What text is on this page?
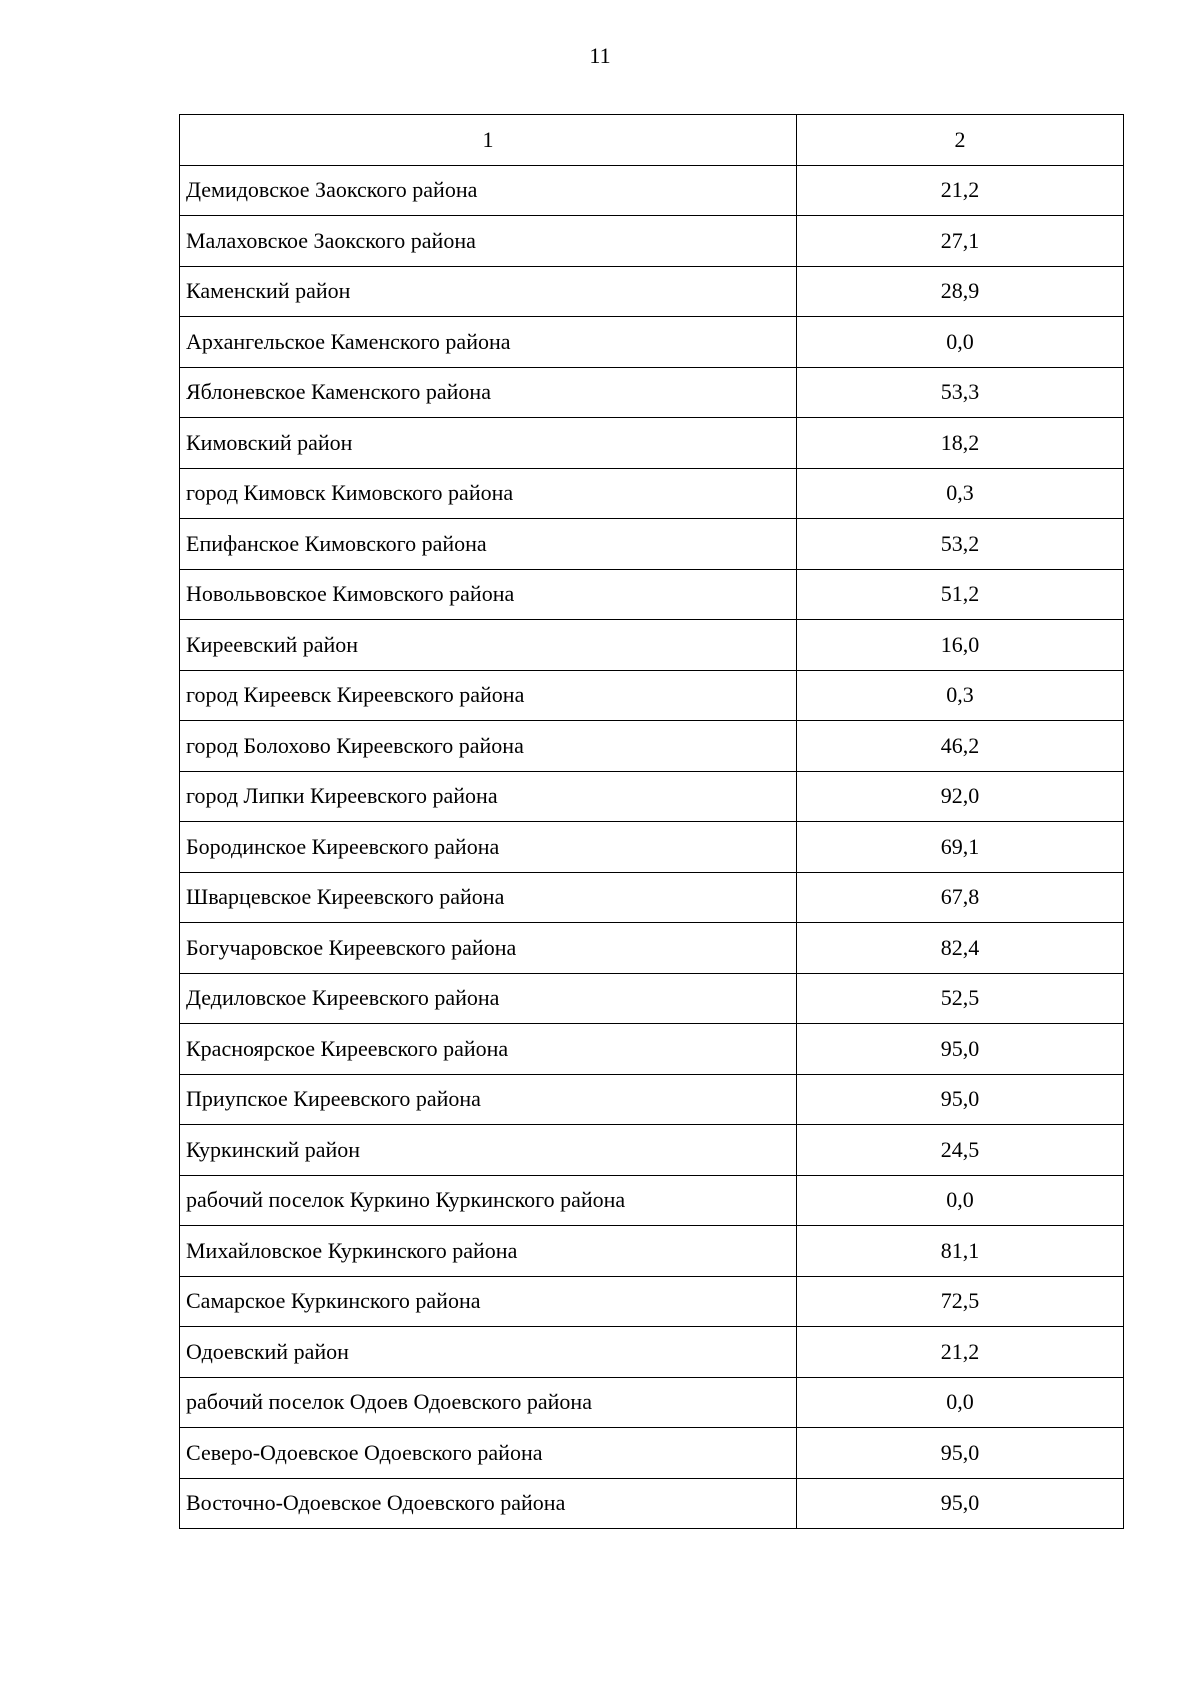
11
1	2
Демидовское Заокского района	21,2
Малаховское Заокского района	27,1
Каменский район	28,9
Архангельское Каменского района	0,0
Яблоневское Каменского района	53,3
Кимовский район	18,2
город Кимовск Кимовского района	0,3
Епифанское Кимовского района	53,2
Новольвовское Кимовского района	51,2
Киреевский район	16,0
город Киреевск Киреевского района	0,3
город Болохово Киреевского района	46,2
город Липки Киреевского района	92,0
Бородинское Киреевского района	69,1
Шварцевское Киреевского района	67,8
Богучаровское Киреевского района	82,4
Дедиловское Киреевского района	52,5
Красноярское Киреевского района	95,0
Приупское Киреевского района	95,0
Куркинский район	24,5
рабочий поселок Куркино Куркинского района	0,0
Михайловское Куркинского района	81,1
Самарское Куркинского района	72,5
Одоевский район	21,2
рабочий поселок Одоев Одоевского района	0,0
Северо-Одоевское Одоевского района	95,0
Восточно-Одоевское Одоевского района	95,0
